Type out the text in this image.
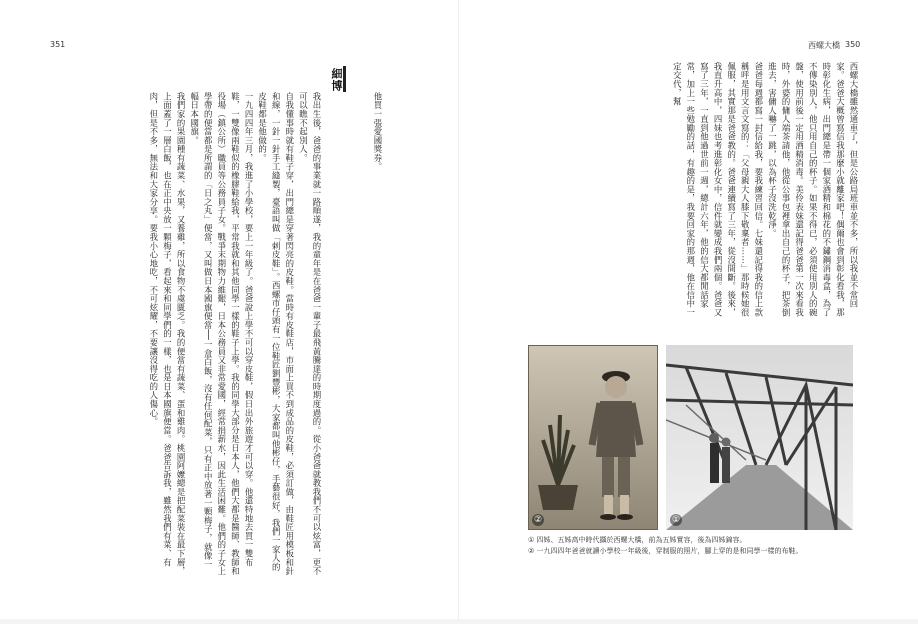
351
他買一張愛國獎券。
細博

我出生後，爸爸的事業就一路順遂，我的童年是在爸爸一輩子最飛黃騰達的時期度過的。從小爸爸就教我們不可以炫富，更不可以瞧不起別人。

自我懂事時就有鞋子穿，出門總是穿著閃亮的皮鞋。當時有皮鞋店，市面上買不到成品的皮鞋，必須訂做，由鞋匠用模板和針和線，一針一針手工縫製，臺語叫做「剌皮鞋」。西螺市仔頭有一位鞋匠劉豐彬，大家都叫他彬仔，手藝很好，我們一家人的皮鞋都是他做的。

一九四四年三月，我進了小學校，要上一年級了。爸爸說上學不可以穿皮鞋，假日出外旅遊才可以穿。他還特地去買一雙布鞋，一雙像兩鞋似的橡膠鞋給我，平常我就和其他同學一樣的鞋子上學。我的同學大部分是日本人，他們大都是醫師、教師和役場（鎮公所）職員等公務員子女。戰爭末期物力維艱，日本公務員又非常愛國，經常捐薪水，因此生活困難。他們的子女上學帶的便當都是所謂的「日之丸」便當，又叫做日本國旗便當──一盒白飯，沒有任何配菜，只有正中放著一顆梅子，就像一幅日本國旗。

我們家的果園種有蔬菜、水果，又養雞，所以食物不虞匱乏。我的便當有蔬菜、蛋和雞肉。桃園阿嬤總是把配菜裝在最下層，上面蓋了一層白飯，也在正中央放一顆梅子，看起來和同學們的一樣，也是日本國旗便當。爸爸告訴我，雖然我們有菜、有肉，但是不多，無法和大家分享。要我小心地吃，不可炫耀，不要讓沒得吃的人傷心。

西螺大橋 350

西螺大橋雖然通車了，但是公路局班車並不多，所以我並不常回家。爸爸大概曾寫信我那麼小就離家吧！偶爾也會到彰化看我，那時彰化生病，出門總是帶一個家酒精和棉花的不鏽鋼消毒盒，為了不傳染別人，他只用自己的杯子。如果不得已，必須使用別人的碗盤，使用前後一定用酒精消毒。美伶表妹還記得爸爸第一次來看我時，外婆的傭人端茶請他，他從公事包裡拿出自己的杯子，把茶倒進去，害傭人嚇了一跳，以為杯子沒洗乾淨。

爸爸每週都寫一封信給我，要我練習回信。七妹還記得我的信上款稱呼是用文言文寫的：「父母親大人膝下敬稟者……」那時候她很佩服，其實那是爸爸教的。爸爸連續寫了三年，從沒間斷。後來，我直升高中，四妹也考進彰化女中，信件就變成我們兩個。爸爸又寫了三年，一直到他過世前一週，總計六年，他的信大都閒話家常，加上一些勉勵的話，有趣的是，我要回家的那週，他在信中一定交代，幫

②	①

① 四姊、五姊高中時代攝於西螺大橋，前為五姊實容，後為四姊錦容。

② 一九四四年爸爸就讀小學校一年級後，穿制服的照片，腳上穿的是和同學一樣的布鞋。
